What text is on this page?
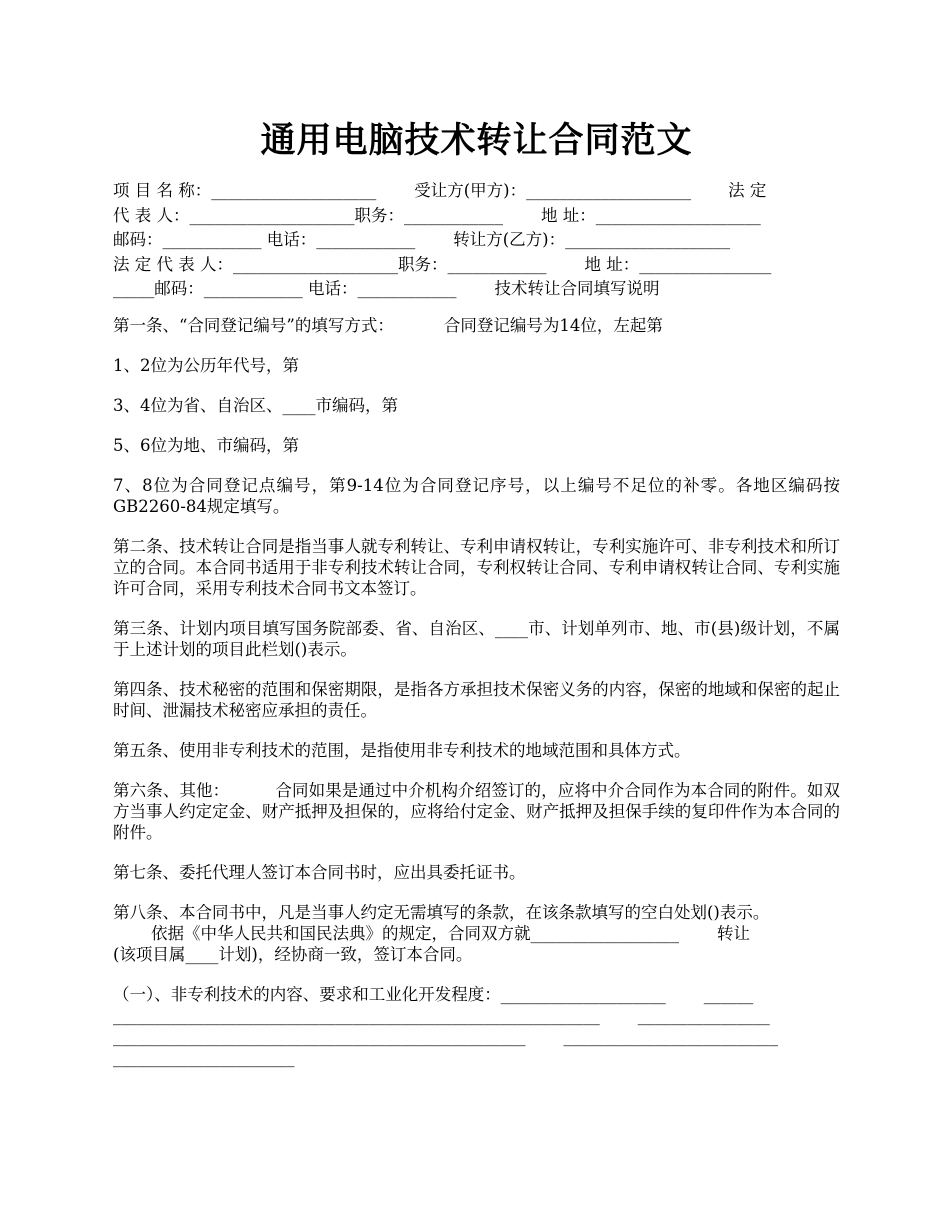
通用电脑技术转让合同范文
项 目 名 称：____________________ 受让方(甲方)：____________________ 法 定
代 表 人：____________________职务：____________ 地 址：____________________
邮码：____________ 电话：____________ 转让方(乙方)：____________________
法 定 代 表 人：____________________职务：____________ 地 址：________________
_____邮码：____________ 电话：____________ 技术转让合同填写说明

第一条、“合同登记编号”的填写方式：	合同登记编号为14位，左起第

1、2位为公历年代号，第

3、4位为省、自治区、____市编码，第

5、6位为地、市编码，第

7、8位为合同登记点编号，第9-14位为合同登记序号，以上编号不足位的补零。各地区编码按GB2260-84规定填写。

第二条、技术转让合同是指当事人就专利转让、专利申请权转让，专利实施许可、非专利技术和所订立的合同。本合同书适用于非专利技术转让合同，专利权转让合同、专利申请权转让合同、专利实施许可合同，采用专利技术合同书文本签订。

第三条、计划内项目填写国务院部委、省、自治区、____市、计划单列市、地、市(县)级计划，不属于上述计划的项目此栏划()表示。

第四条、技术秘密的范围和保密期限，是指各方承担技术保密义务的内容，保密的地域和保密的起止时间、泄漏技术秘密应承担的责任。

第五条、使用非专利技术的范围，是指使用非专利技术的地域范围和具体方式。

第六条、其他：	合同如果是通过中介机构介绍签订的，应将中介合同作为本合同的附件。如双方当事人约定定金、财产抵押及担保的，应将给付定金、财产抵押及担保手续的复印件作为本合同的附件。

第七条、委托代理人签订本合同书时，应出具委托证书。

第八条、本合同书中，凡是当事人约定无需填写的条款，在该条款填写的空白处划()表示。

依据《中华人民共和国民法典》的规定，合同双方就__________________ 转让
(该项目属____计划)，经协商一致，签订本合同。

（一）、非专利技术的内容、要求和工业化开发程度：____________________ ______
___________________________________________________________ ________________
__________________________________________________ __________________________
______________________
